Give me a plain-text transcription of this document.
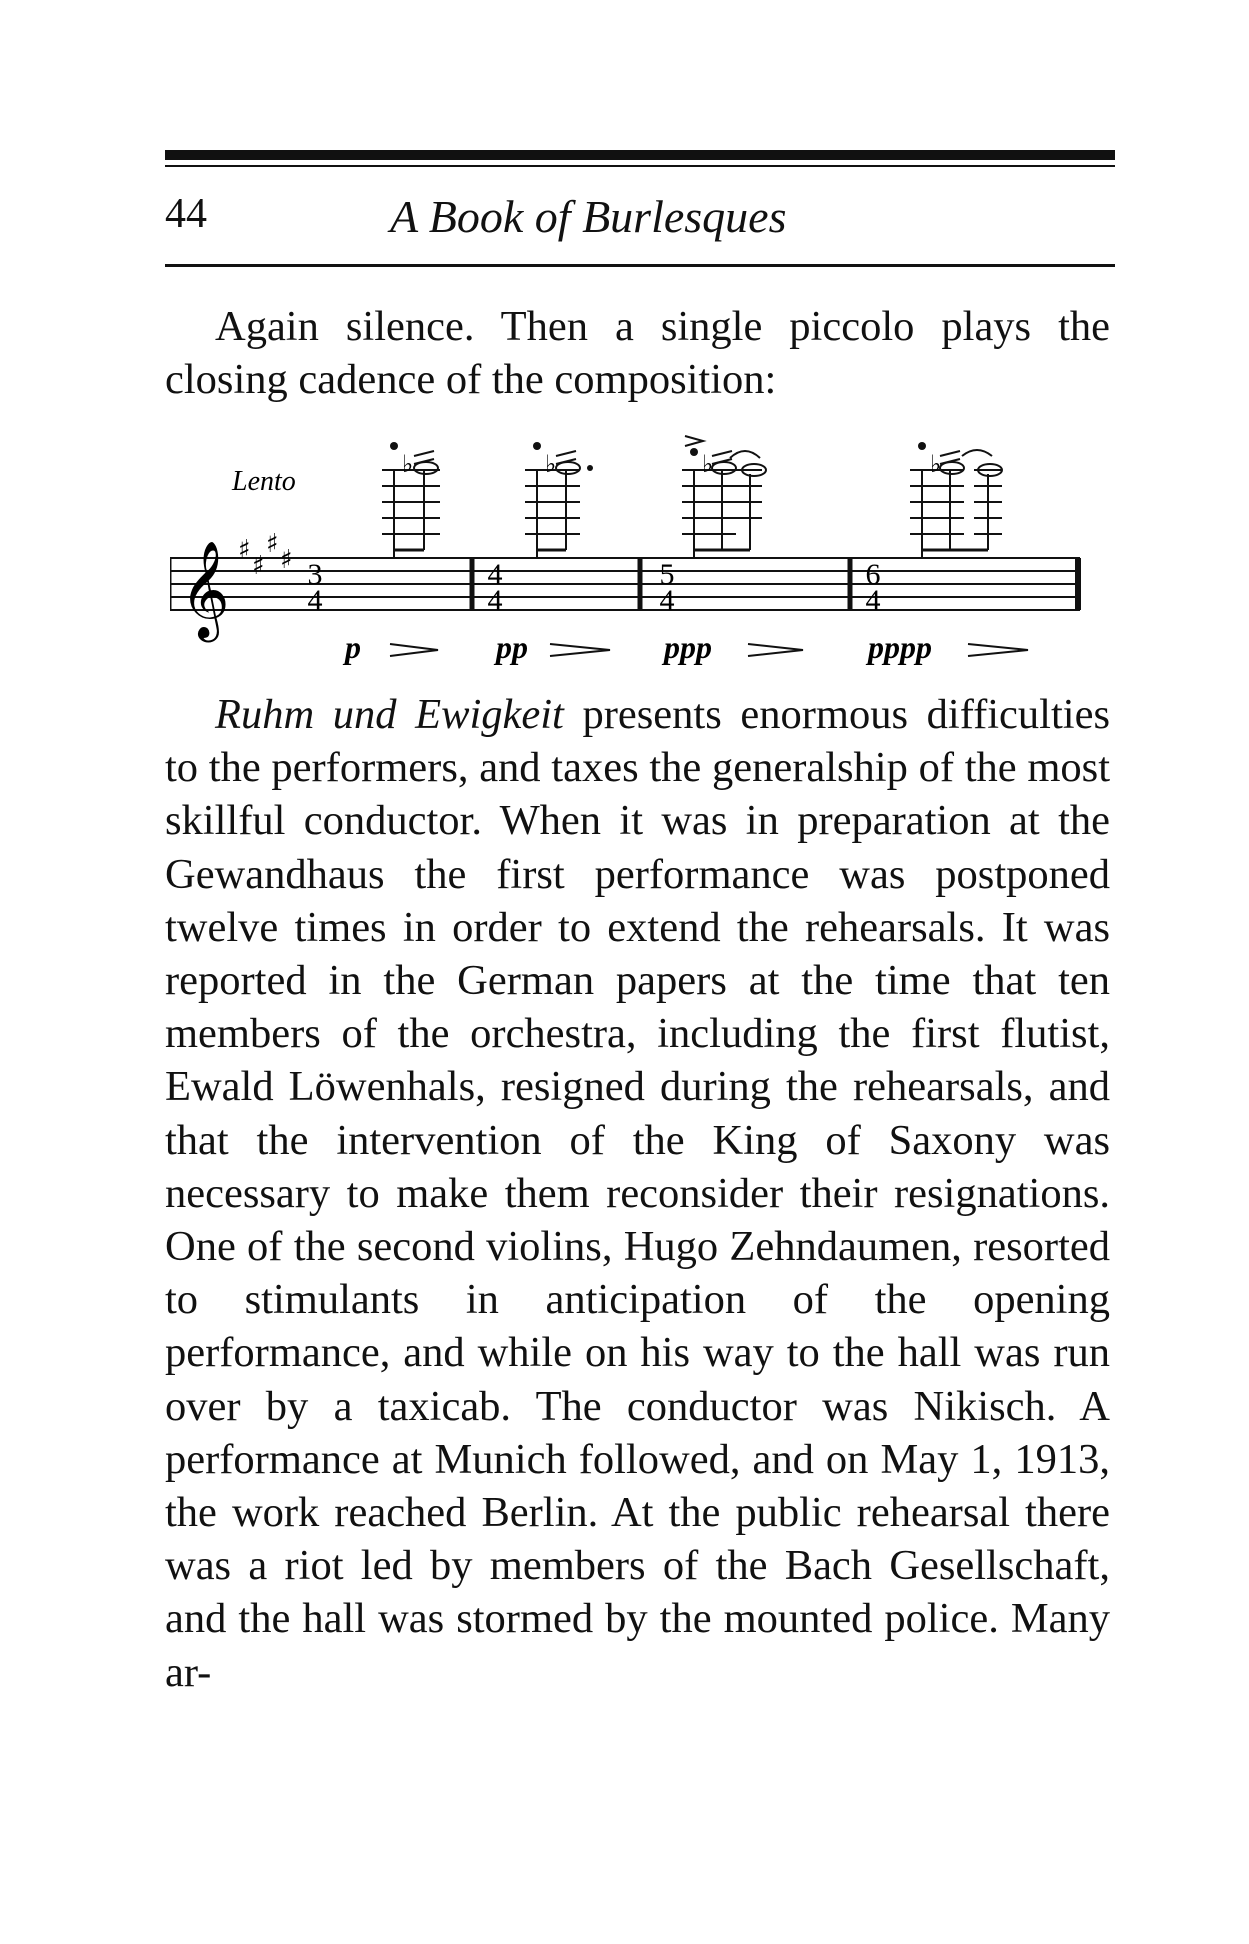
44	A Book of Burlesques

Again silence. Then a single piccolo plays the closing cadence of the composition:

𝄞 ♯
♯
♯
♯ 3
4
4
4
5
4
6
4
Lento
♭	♭	♭	♭
p	pp	ppp	pppp

Ruhm und Ewigkeit presents enormous difficulties to the performers, and taxes the generalship of the most skillful conductor. When it was in preparation at the Gewandhaus the first performance was postponed twelve times in order to extend the rehearsals. It was reported in the German papers at the time that ten members of the orchestra, including the first flutist, Ewald Löwenhals, resigned during the rehearsals, and that the intervention of the King of Saxony was necessary to make them reconsider their resignations. One of the second violins, Hugo Zehndaumen, resorted to stimulants in anticipation of the opening performance, and while on his way to the hall was run over by a taxicab. The conductor was Nikisch. A performance at Munich followed, and on May 1, 1913, the work reached Berlin. At the public rehearsal there was a riot led by members of the Bach Gesellschaft, and the hall was stormed by the mounted police. Many ar-
